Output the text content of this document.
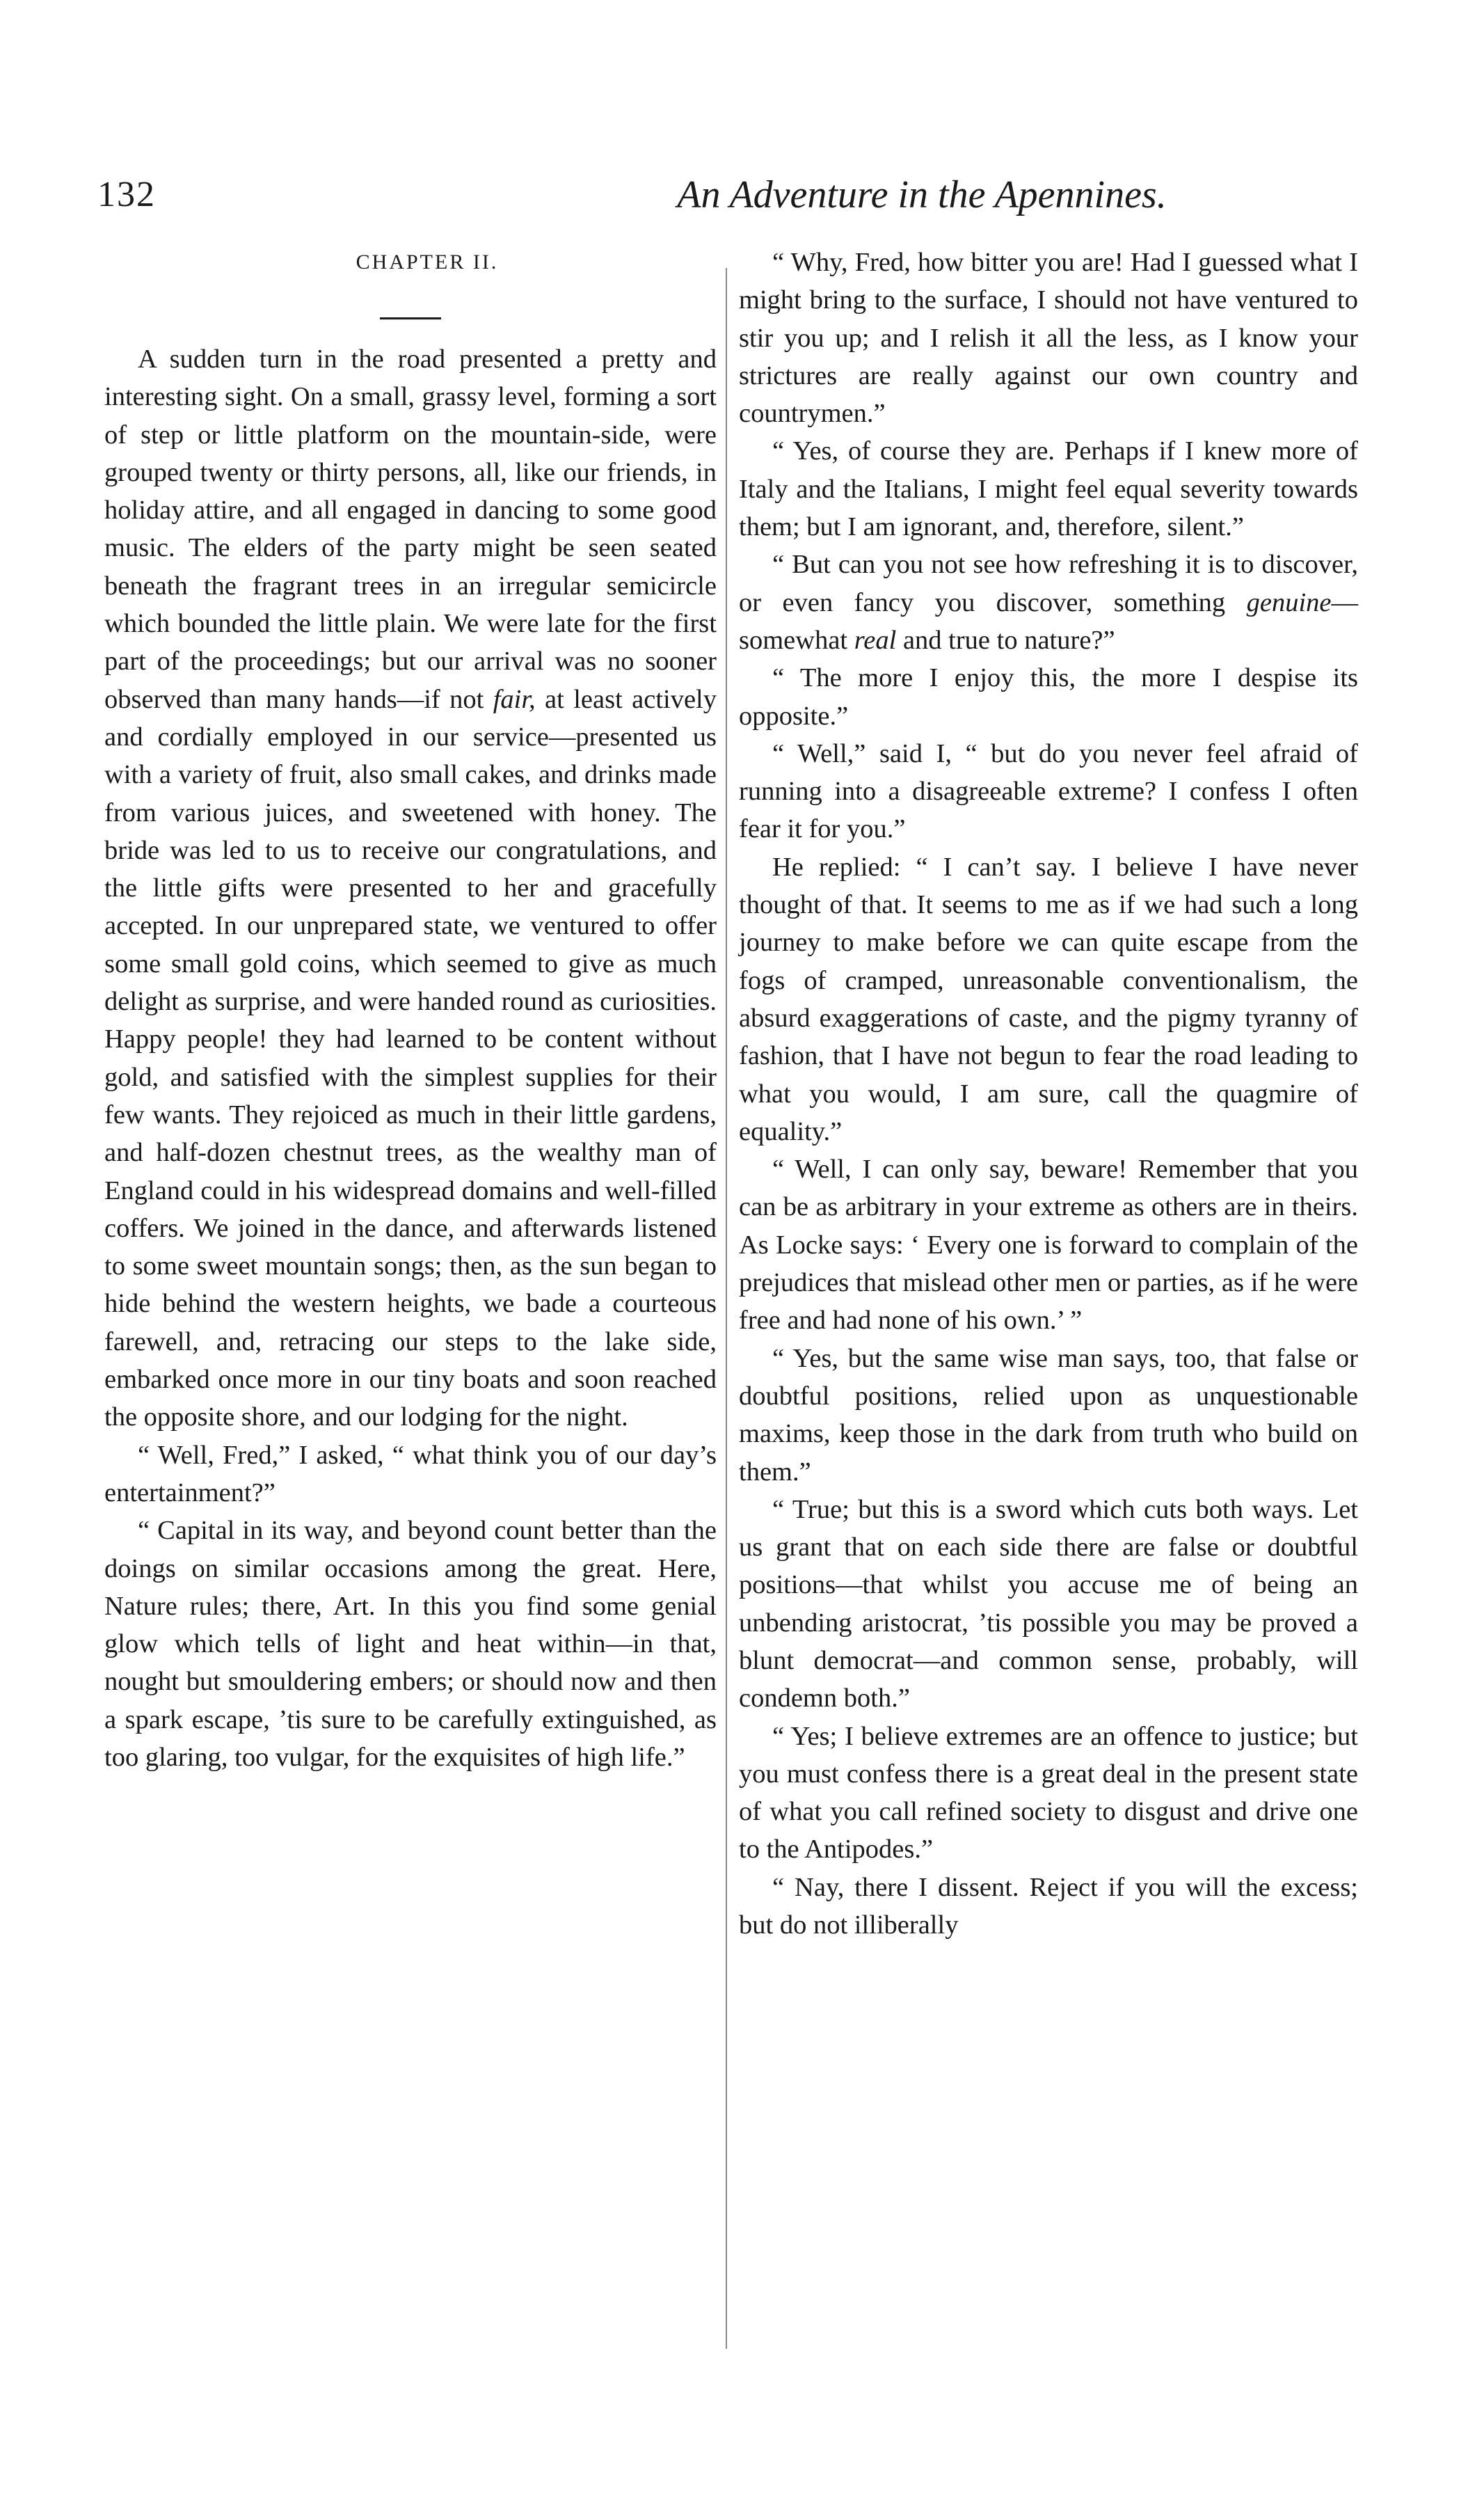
132	An Adventure in the Apennines.

CHAPTER II.

A sudden turn in the road presented a pretty and interesting sight. On a small, grassy level, forming a sort of step or little platform on the mountain-side, were grouped twenty or thirty persons, all, like our friends, in holiday attire, and all engaged in dancing to some good music. The elders of the party might be seen seated beneath the fragrant trees in an irregular semicircle which bounded the little plain. We were late for the first part of the proceedings; but our arrival was no sooner observed than many hands—if not fair, at least actively and cordially employed in our service—presented us with a variety of fruit, also small cakes, and drinks made from various juices, and sweetened with honey. The bride was led to us to receive our congratulations, and the little gifts were presented to her and gracefully accepted. In our unprepared state, we ventured to offer some small gold coins, which seemed to give as much delight as surprise, and were handed round as curiosities. Happy people! they had learned to be content without gold, and satisfied with the simplest supplies for their few wants. They rejoiced as much in their little gardens, and half-dozen chestnut trees, as the wealthy man of England could in his widespread domains and well-filled coffers. We joined in the dance, and afterwards listened to some sweet mountain songs; then, as the sun began to hide behind the western heights, we bade a courteous farewell, and, retracing our steps to the lake side, embarked once more in our tiny boats and soon reached the opposite shore, and our lodging for the night.

“ Well, Fred,” I asked, “ what think you of our day’s entertainment?”

“ Capital in its way, and beyond count better than the doings on similar occasions among the great. Here, Nature rules; there, Art. In this you find some genial glow which tells of light and heat within—in that, nought but smouldering embers; or should now and then a spark escape, ’tis sure to be carefully extinguished, as too glaring, too vulgar, for the exquisites of high life.”

“ Why, Fred, how bitter you are! Had I guessed what I might bring to the surface, I should not have ventured to stir you up; and I relish it all the less, as I know your strictures are really against our own country and countrymen.”

“ Yes, of course they are. Perhaps if I knew more of Italy and the Italians, I might feel equal severity towards them; but I am ignorant, and, therefore, silent.”

“ But can you not see how refreshing it is to discover, or even fancy you discover, something genuine—somewhat real and true to nature?”

“ The more I enjoy this, the more I despise its opposite.”

“ Well,” said I, “ but do you never feel afraid of running into a disagreeable extreme? I confess I often fear it for you.”

He replied: “ I can’t say. I believe I have never thought of that. It seems to me as if we had such a long journey to make before we can quite escape from the fogs of cramped, unreasonable conventionalism, the absurd exaggerations of caste, and the pigmy tyranny of fashion, that I have not begun to fear the road leading to what you would, I am sure, call the quagmire of equality.”

“ Well, I can only say, beware! Remember that you can be as arbitrary in your extreme as others are in theirs. As Locke says: ‘ Every one is forward to complain of the prejudices that mislead other men or parties, as if he were free and had none of his own.’ ”

“ Yes, but the same wise man says, too, that false or doubtful positions, relied upon as unquestionable maxims, keep those in the dark from truth who build on them.”

“ True; but this is a sword which cuts both ways. Let us grant that on each side there are false or doubtful positions—that whilst you accuse me of being an unbending aristocrat, ’tis possible you may be proved a blunt democrat—and common sense, probably, will condemn both.”

“ Yes; I believe extremes are an offence to justice; but you must confess there is a great deal in the present state of what you call refined society to disgust and drive one to the Antipodes.”

“ Nay, there I dissent. Reject if you will the excess; but do not illiberally
